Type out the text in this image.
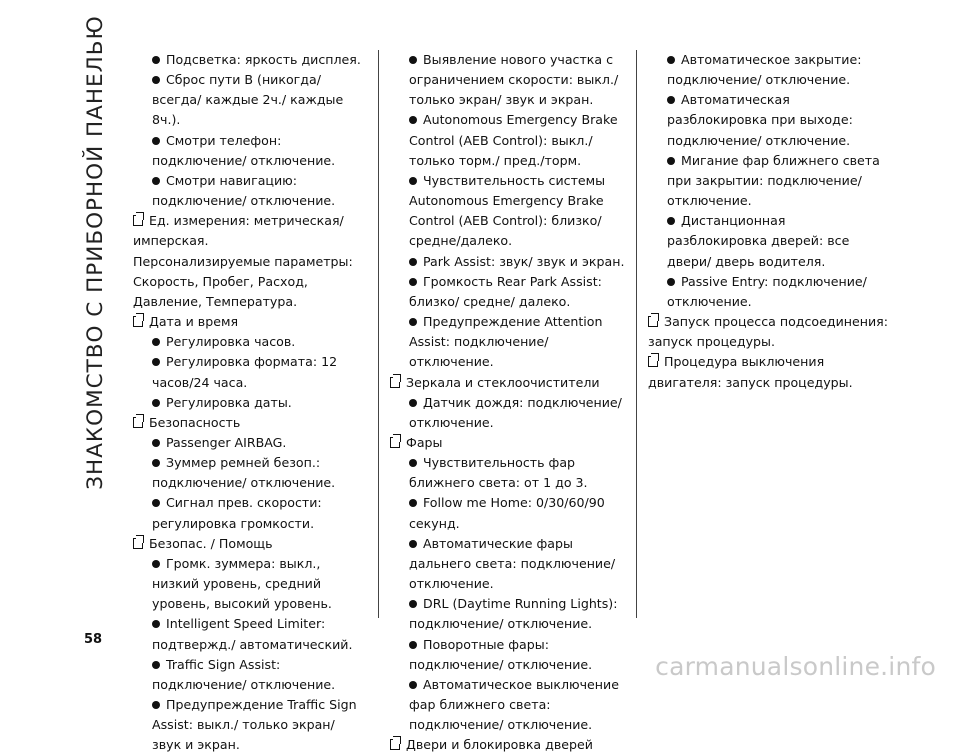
ЗНАКОМСТВО С ПРИБОРНОЙ ПАНЕЛЬЮ	Подсветка: яркость дисплея.

Сброс пути B (никогда/ всегда/ каждые 2ч./ каждые 8ч.).

Смотри телефон: подключение/ отключение.

Смотри навигацию: подключение/ отключение.

Ед. измерения: метрическая/ имперская.

Персонализируемые параметры: Скорость, Пробег, Расход, Давление, Температура.

Дата и время

Регулировка часов.

Регулировка формата: 12 часов/24 часа.

Регулировка даты.

Безопасность

Passenger AIRBAG.

Зуммер ремней безоп.: подключение/ отключение.

Сигнал прев. скорости: регулировка громкости.

Безопас. / Помощь

Громк. зуммера: выкл., низкий уровень, средний уровень, высокий уровень.

Intelligent Speed Limiter: подтвержд./ автоматический.

Traffic Sign Assist: подключение/ отключение.

Предупреждение Traffic Sign Assist: выкл./ только экран/ звук и экран.

Выявление нового участка с ограничением скорости: выкл./ только экран/ звук и экран.

Autonomous Emergency Brake Control (AEB Control): выкл./ только торм./ пред./торм.

Чувствительность системы Autonomous Emergency Brake Control (AEB Control): близко/ средне/далеко.

Park Assist: звук/ звук и экран.

Громкость Rear Park Assist: близко/ средне/ далеко.

Предупреждение Attention Assist: подключение/ отключение.

Зеркала и стеклоочистители

Датчик дождя: подключение/ отключение.

Фары

Чувствительность фар ближнего света: от 1 до 3.

Follow me Home: 0/30/60/90 секунд.

Автоматические фары дальнего света: подключение/ отключение.

DRL (Daytime Running Lights): подключение/ отключение.

Поворотные фары: подключение/ отключение.

Автоматическое выключение фар ближнего света: подключение/ отключение.

Двери и блокировка дверей

Автоматическое закрытие: подключение/ отключение.

Автоматическая разблокировка при выходе: подключение/ отключение.

Мигание фар ближнего света при закрытии: подключение/ отключение.

Дистанционная разблокировка дверей: все двери/ дверь водителя.

Passive Entry: подключение/ отключение.

Запуск процесса подсоединения: запуск процедуры.

Процедура выключения двигателя: запуск процедуры.

58
carmanualsonline.info
